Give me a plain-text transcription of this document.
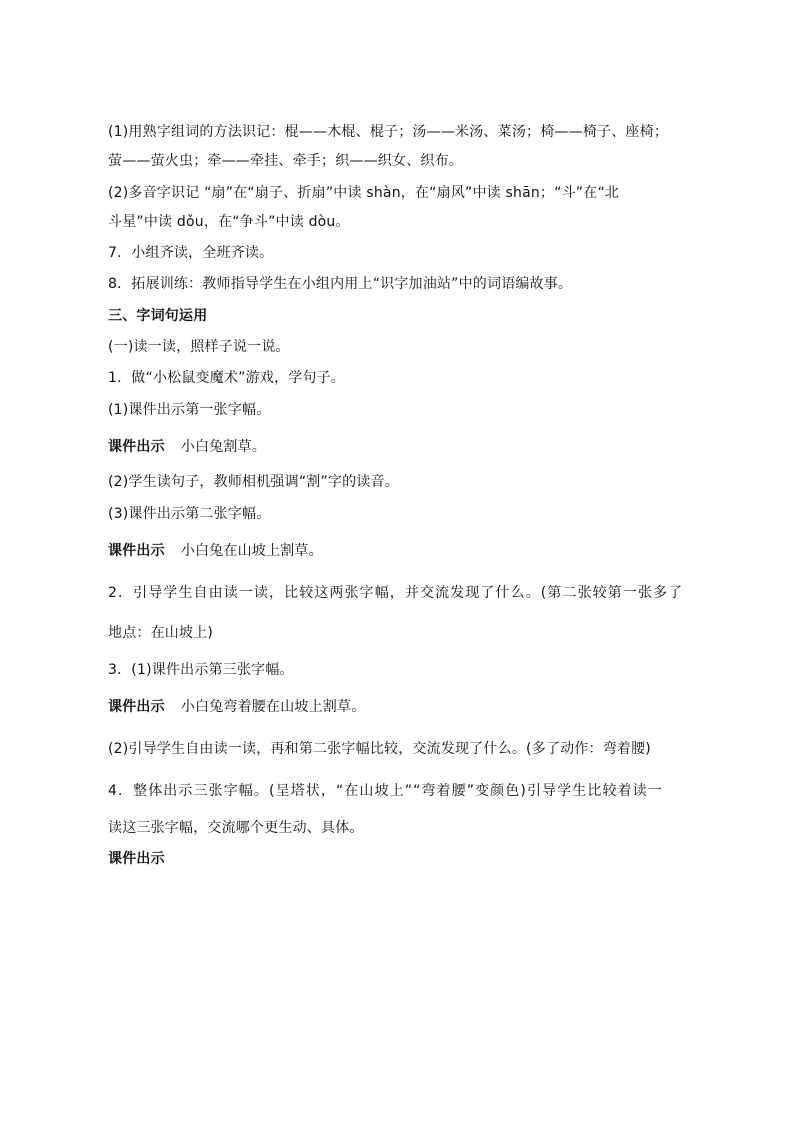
(1)用熟字组词的方法识记：棍——木棍、棍子；汤——米汤、菜汤；椅——椅子、座椅；
萤——萤火虫；牵——牵挂、牵手；织——织女、织布。
(2)多音字识记 “扇”在“扇子、折扇”中读 shàn，在“扇风”中读 shān；“斗”在“北
斗星”中读 dǒu，在“争斗”中读 dòu。
7．小组齐读，全班齐读。
8．拓展训练：教师指导学生在小组内用上“识字加油站”中的词语编故事。
三、字词句运用
(一)读一读，照样子说一说。
1．做“小松鼠变魔术”游戏，学句子。
(1)课件出示第一张字幅。
课件出示 小白兔割草。
(2)学生读句子，教师相机强调“割”字的读音。
(3)课件出示第二张字幅。
课件出示 小白兔在山坡上割草。
2．引导学生自由读一读，比较这两张字幅，并交流发现了什么。(第二张较第一张多了
地点：在山坡上)
3．(1)课件出示第三张字幅。
课件出示 小白兔弯着腰在山坡上割草。
(2)引导学生自由读一读，再和第二张字幅比较，交流发现了什么。(多了动作：弯着腰)
4．整体出示三张字幅。(呈塔状，“在山坡上”“弯着腰”变颜色)引导学生比较着读一
读这三张字幅，交流哪个更生动、具体。
课件出示
